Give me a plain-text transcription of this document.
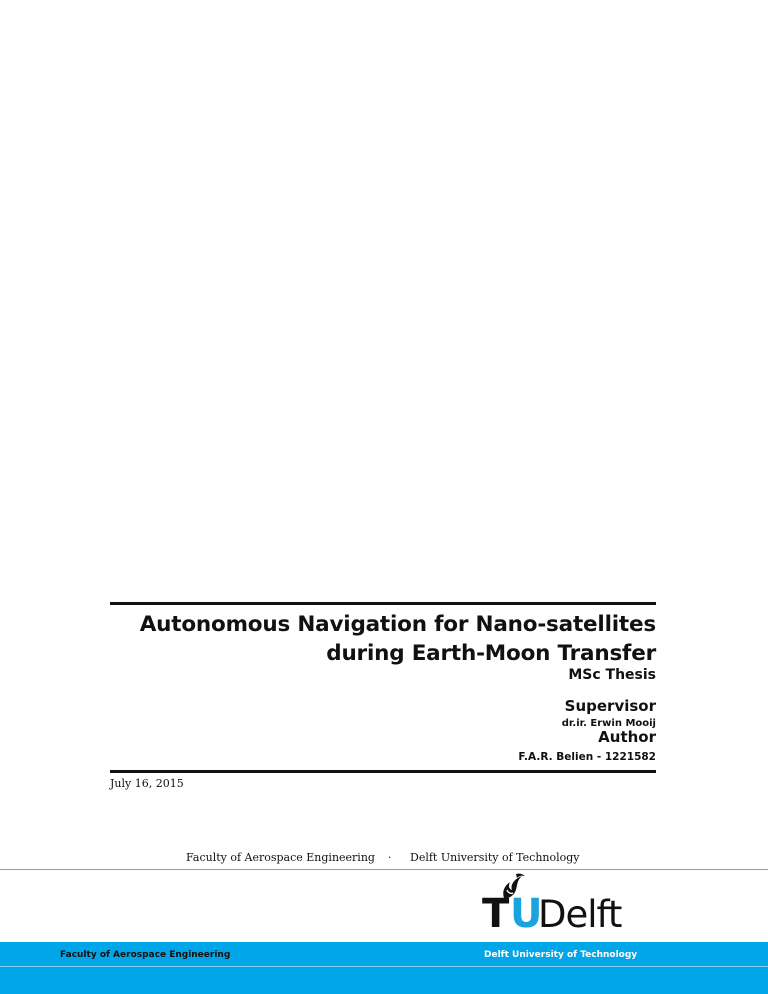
Autonomous Navigation for Nano-satellites
during Earth-Moon Transfer
MSc Thesis
Supervisor
dr.ir. Erwin Mooij
Author
F.A.R. Belien - 1221582
July 16, 2015
Faculty of Aerospace Engineering · Delft University of Technology
T U
Delft
Faculty of Aerospace Engineering	Delft University of Technology
